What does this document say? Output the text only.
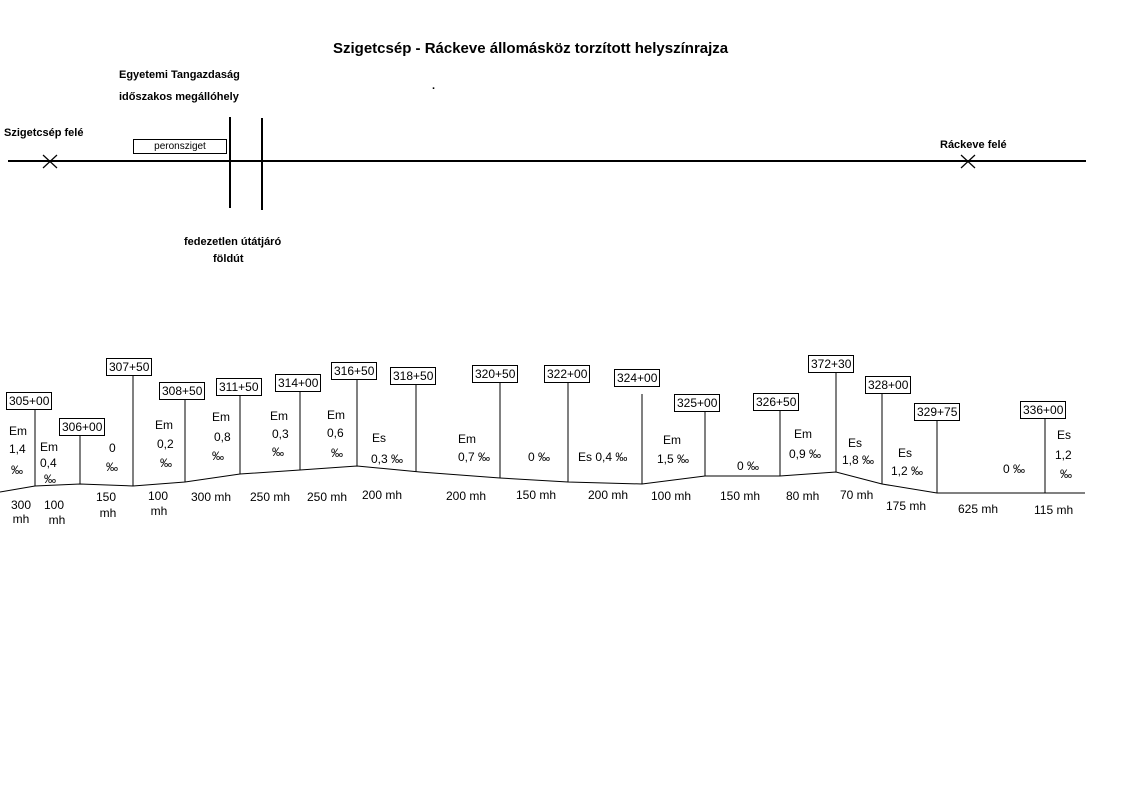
Szigetcsép - Ráckeve állomásköz torzított helyszínrajza
Egyetemi Tangazdaság
időszakos megállóhely
.
Szigetcsép felé
Ráckeve felé
peronsziget
fedezetlen útátjáró
földút
305+00
306+00
307+50
308+50 311+50 314+00
316+50 318+50	320+50	322+00 324+00
325+00	326+50
372+30
328+00
329+75	336+00
Em
1,4
‰
Em
0,4
‰
0
‰
Em
0,2
‰
Em
0,8
‰
Em
0,3
‰
Em
0,6
‰
Es
0,3 ‰
Em
0,7 ‰	0 ‰ Es 0,4 ‰
Em
1,5 ‰	0 ‰
Em
0,9 ‰
Es
1,8 ‰ Es
1,2 ‰	0 ‰
Es
1,2
‰
300
mh
100
mh
150
mh
100
mh
300 mh 250 mh 250 mh 200 mh	200 mh 150 mh	200 mh 100 mh 150 mh 80 mh 70 mh
175 mh	625 mh	115 mh
